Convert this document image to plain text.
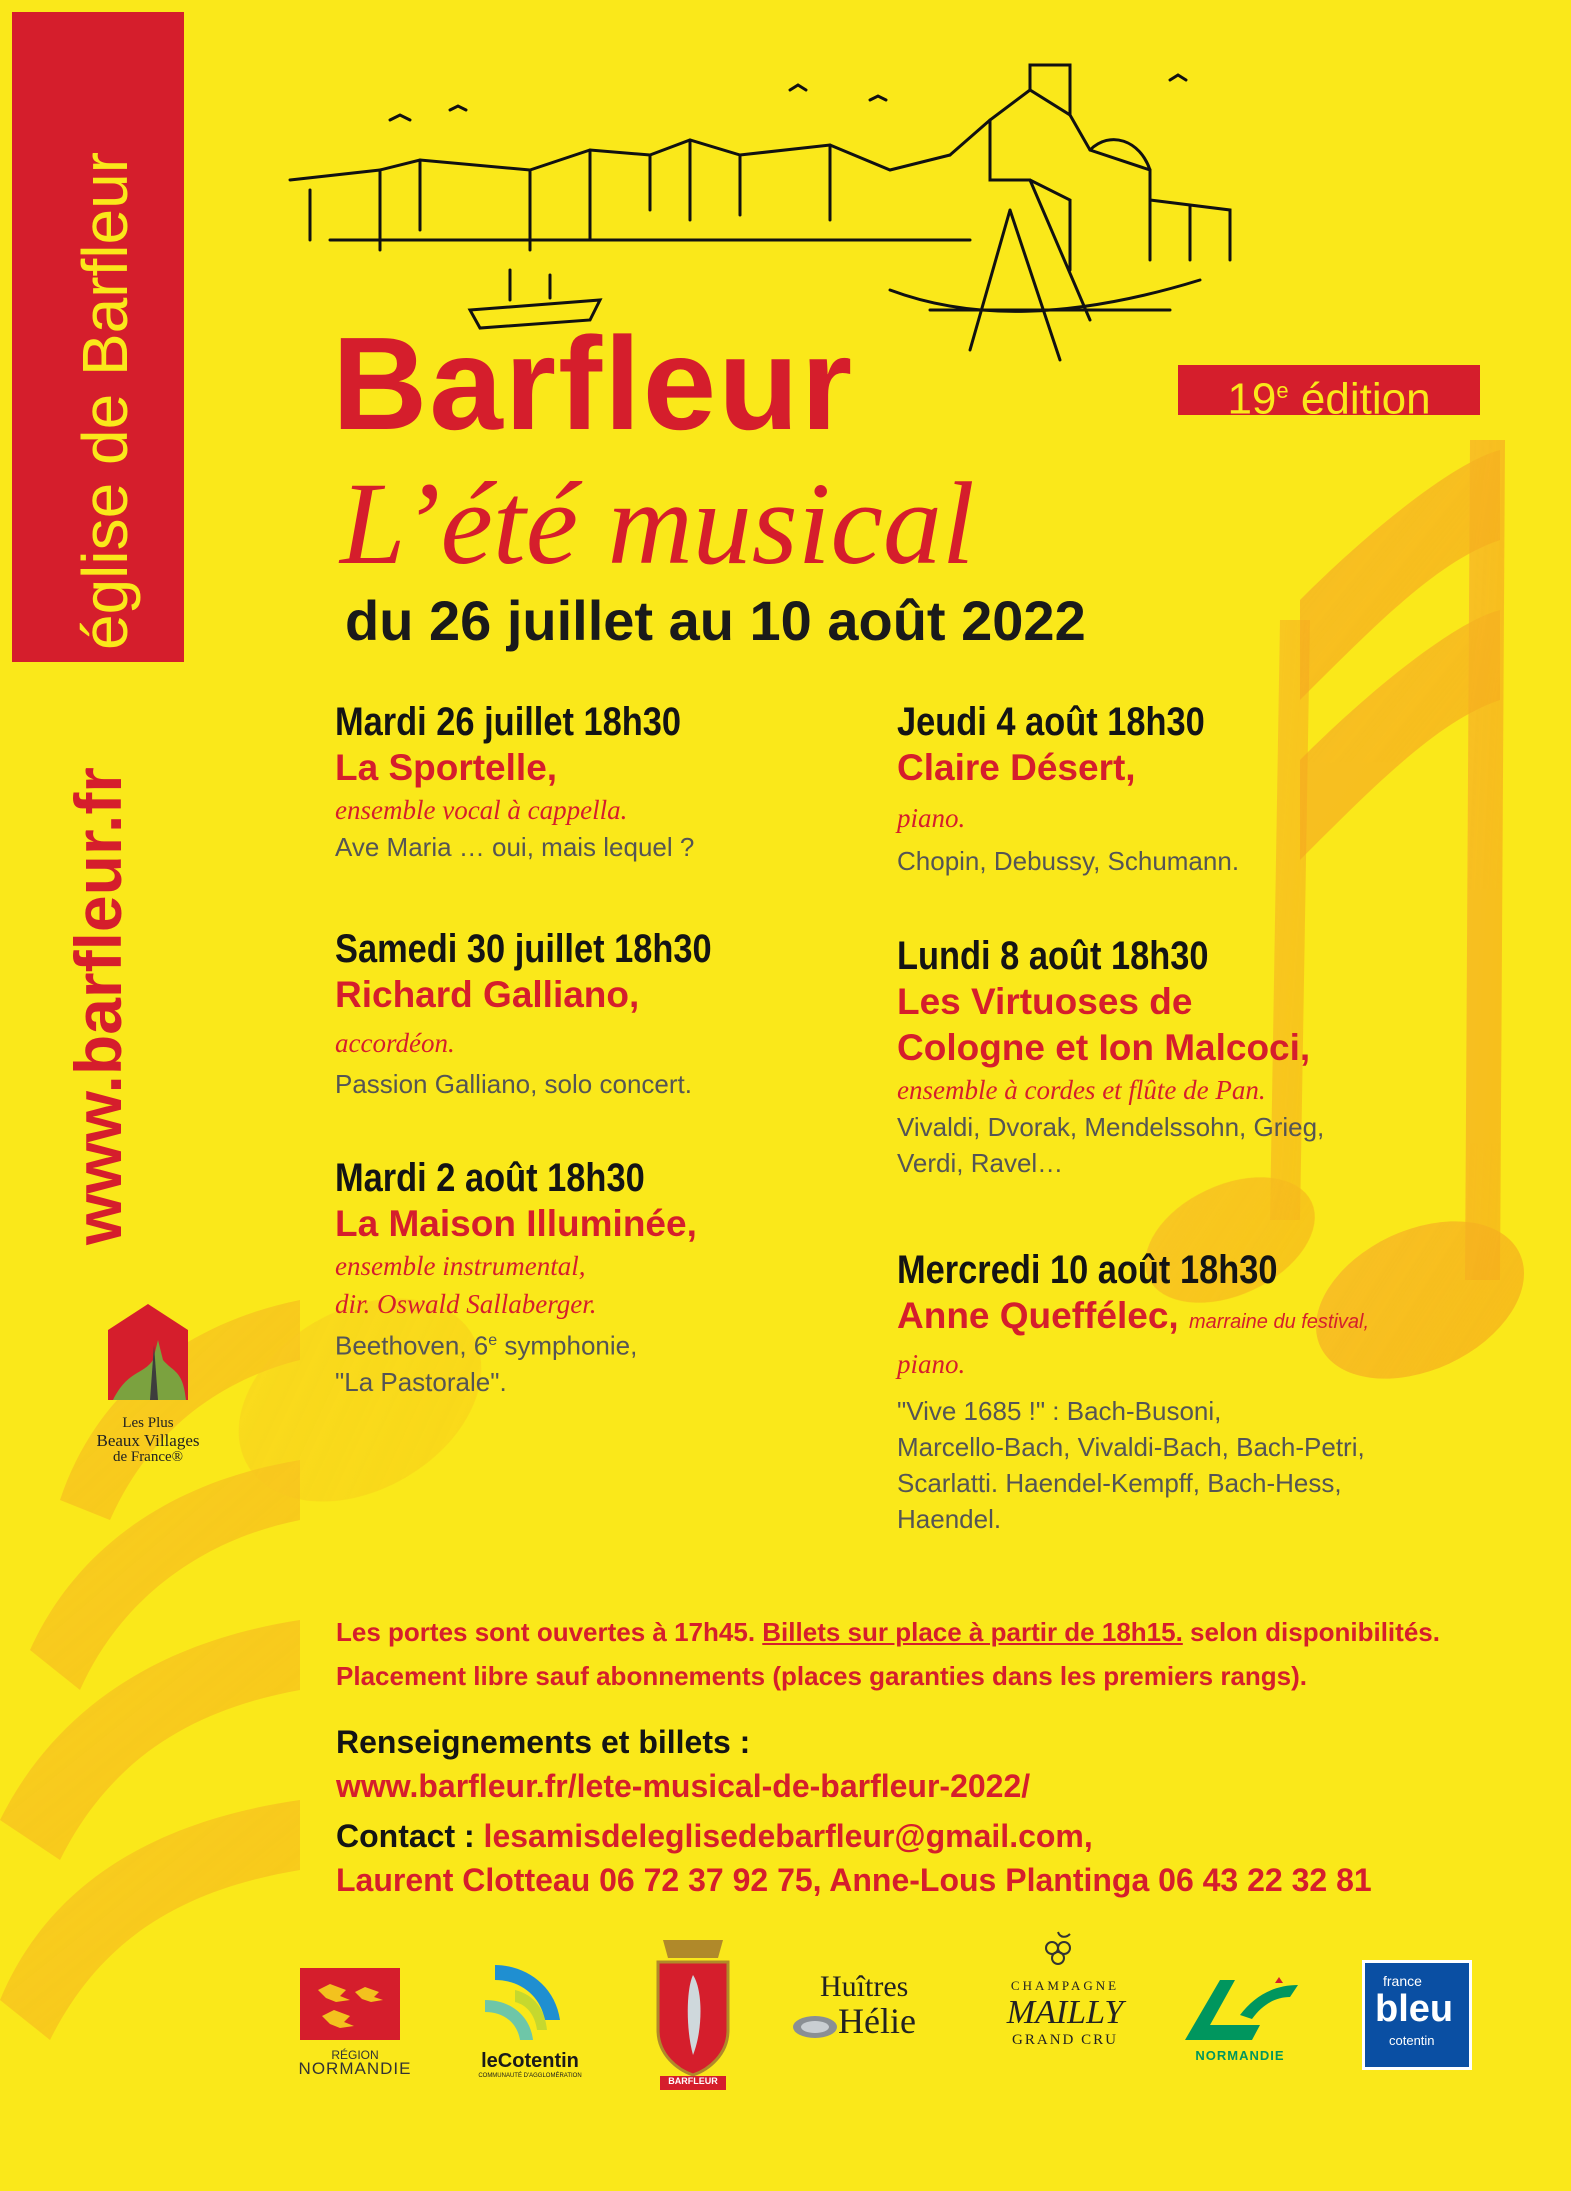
église de Barfleur
www.barfleur.fr
Les Plus
Beaux Villages
de France®
Barfleur	19e édition
L’été musical
du 26 juillet au 10 août 2022
Mardi 26 juillet 18h30
La Sportelle,
ensemble vocal à cappella.
Ave Maria … oui, mais lequel ?
Samedi 30 juillet 18h30
Richard Galliano,
accordéon.
Passion Galliano, solo concert.
Mardi 2 août 18h30
La Maison Illuminée,
ensemble instrumental,
dir. Oswald Sallaberger.
Beethoven, 6e symphonie,
"La Pastorale".
Jeudi 4 août 18h30
Claire Désert,
piano.
Chopin, Debussy, Schumann.
Lundi 8 août 18h30
Les Virtuoses de
Cologne et Ion Malcoci,
ensemble à cordes et flûte de Pan.
Vivaldi, Dvorak, Mendelssohn, Grieg,
Verdi, Ravel…
Mercredi 10 août 18h30
Anne Queffélec, marraine du festival,
piano.
"Vive 1685 !" : Bach-Busoni,
Marcello-Bach, Vivaldi-Bach, Bach-Petri,
Scarlatti. Haendel-Kempff, Bach-Hess,
Haendel.
Les portes sont ouvertes à 17h45. Billets sur place à partir de 18h15. selon disponibilités.
Placement libre sauf abonnements (places garanties dans les premiers rangs).
Renseignements et billets :
www.barfleur.fr/lete-musical-de-barfleur-2022/
Contact : lesamisdeleglisedebarfleur@gmail.com,
Laurent Clotteau 06 72 37 92 75, Anne-Lous Plantinga 06 43 22 32 81
RÉGION
NORMANDIE	leCotentin
COMMUNAUTÉ D'AGGLOMÉRATION	BARFLEUR
Huîtres
Hélie
CHAMPAGNE
MAILLY
GRAND CRU
NORMANDIE
france
bleu
cotentin
